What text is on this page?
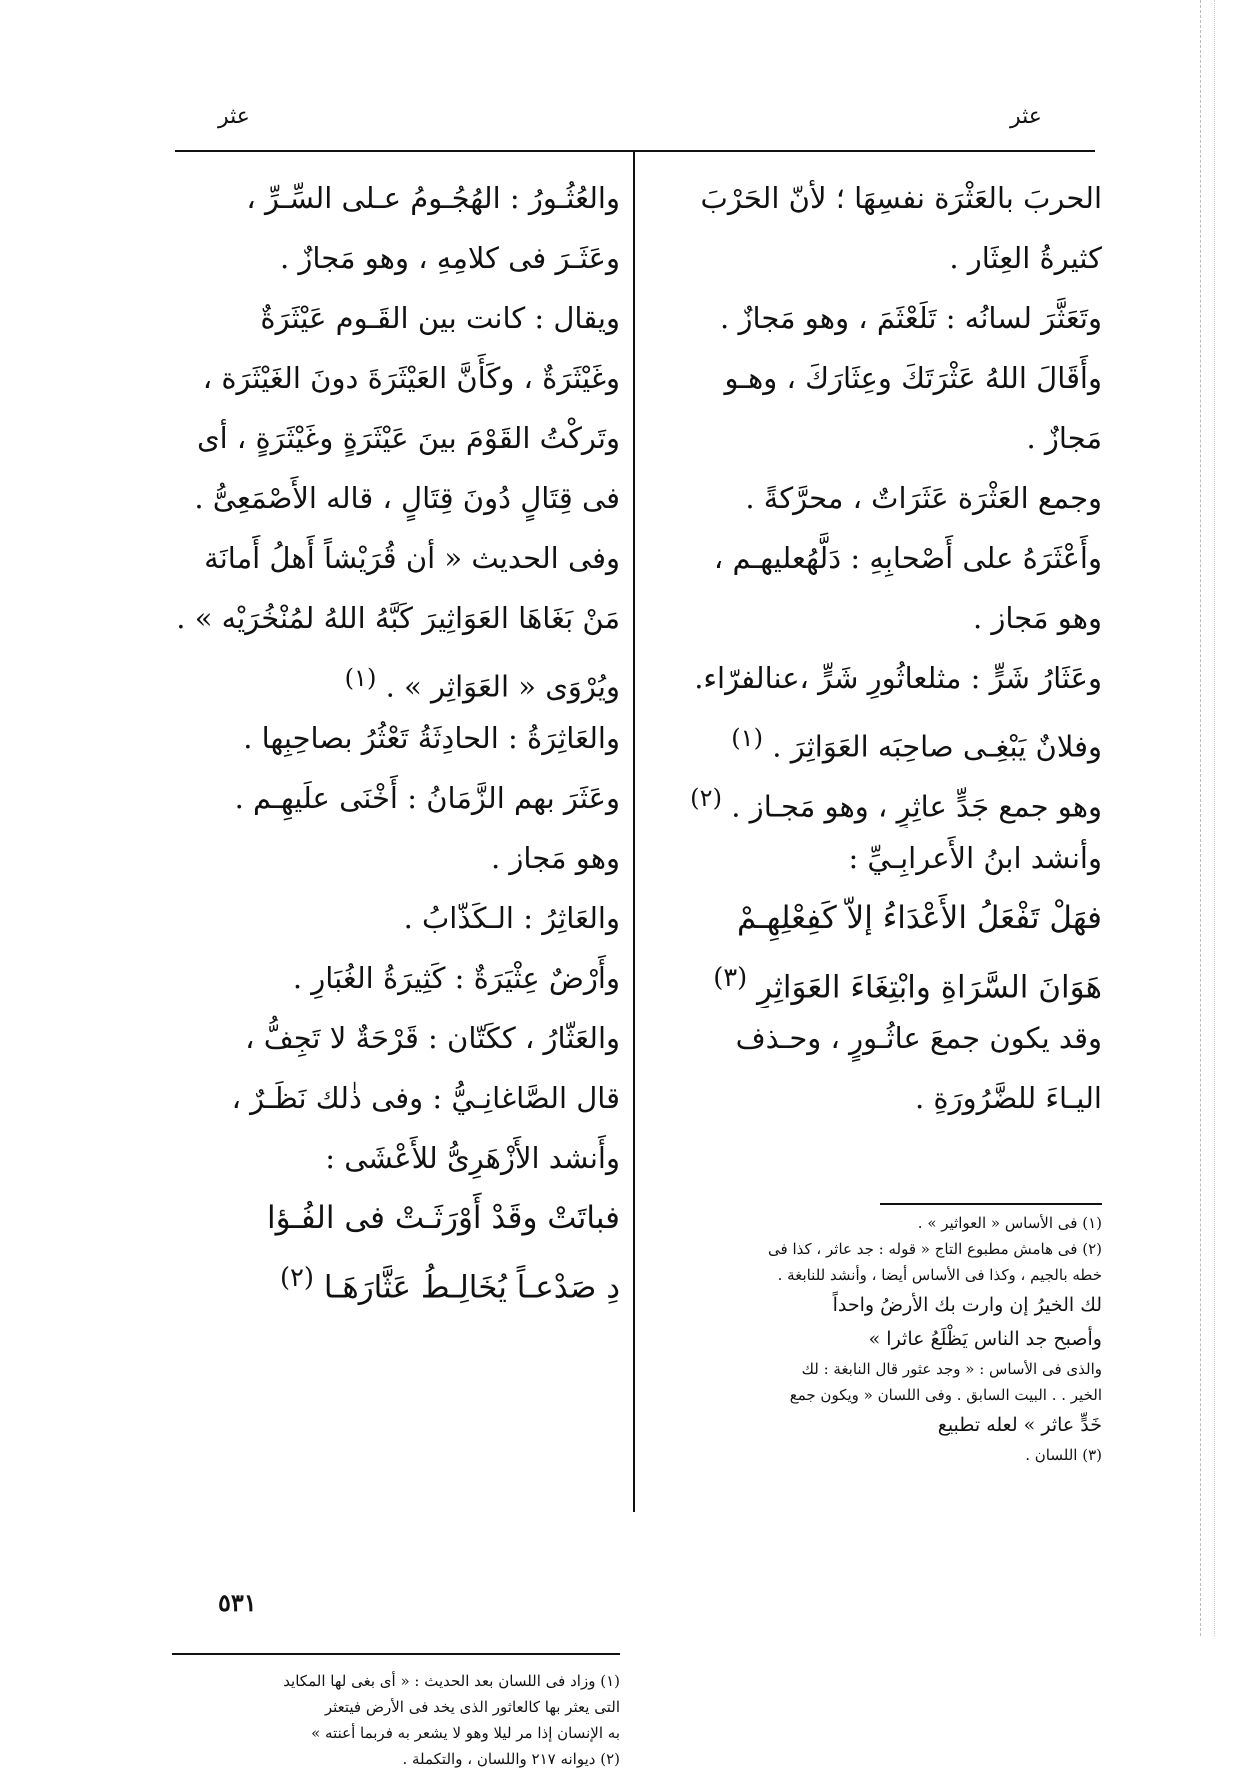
عثر
عثر
الحربَ بالعَثْرَة نفسِهَا ؛ لأنّ الحَرْبَ
كثيرةُ العِثَار .
وتَعَثَّرَ لسانُه : تَلَعْثَمَ ، وهو مَجازٌ .
وأَقَالَ اللهُ عَثْرَتَكَ وعِثَارَكَ ، وهـو
مَجازٌ .
وجمع العَثْرَة عَثَرَاتٌ ، محرَّكةً .
وأَعْثَرَهُ على أَصْحابِهِ : دَلَّهُعليهـم ،
وهو مَجاز .
وعَثَارُ شَرٍّ : مثلعاثُورِ شَرٍّ ،عنالفرّاء.
وفلانٌ يَبْغِـى صاحِبَه العَوَاثِرَ . $^{(١)}$
وهو جمع جَدٍّ عاثِرٍ ، وهو مَجـاز . $^{(٢)}$
وأنشد ابنُ الأَعرابِـيِّ :
فهَلْ تَفْعَلُ الأَعْدَاءُ إلاّ كَفِعْلِهِـمْ
هَوَانَ السَّرَاةِ وابْتِغَاءَ العَوَاثِرِ $^{(٣)}$
وقد يكون جمعَ عاثُـورٍ ، وحـذف
اليـاءَ للضَّرُورَةِ .
والعُثُـورُ : الهُجُـومُ عـلى السِّـرِّ ،
وعَثَـرَ فى كلامِهِ ، وهو مَجازٌ .
ويقال : كانت بين القَـوم عَيْثَرَةٌ
وغَيْثَرَةٌ ، وكَأَنَّ العَيْثَرَةَ دونَ الغَيْثَرَة ،
وتَركْتُ القَوْمَ بينَ عَيْثَرَةٍ وغَيْثَرَةٍ ، أى
فى قِتَالٍ دُونَ قِتَالٍ ، قاله الأَصْمَعِىُّ .
وفى الحديث « أن قُرَيْشاً أَهلُ أَمانَة
مَنْ بَغَاهَا العَوَاثِيرَ كَبَّهُ اللهُ لمُنْخُرَيْه » .
ويُرْوَى « العَوَاثِر » . $^{(١)}$
والعَاثِرَةُ : الحادِثَةُ تَعْثُرُ بصاحِبِها .
وعَثَرَ بهم الزَّمَانُ : أَخْنَى علَيهِـم .
وهو مَجاز .
والعَاثِرُ : الـكَذّابُ .
وأَرْضٌ عِثْيَرَةٌ : كَثِيرَةُ الغُبَارِ .
والعَثّارُ ، ككَتّان : قَرْحَةٌ لا تَجِفُّ ،
قال الصَّاغانِـيُّ : وفى ذٰلك نَظَـرٌ ،
وأَنشد الأَزْهَرِىُّ للأَعْشَى :
فباتَتْ وقَدْ أَوْرَثَـتْ فى الفُـؤا
دِ صَدْعـاً يُخَالِـطُ عَثَّارَهَـا $^{(٢)}$
(١) فى الأساس « العواثير » .
(٢) فى هامش مطبوع التاج « قوله : جد عاثر ، كذا فى
خطه بالجيم ، وكذا فى الأساس أيضا ، وأنشد للنابغة .
لك الخيرُ إن وارت بك الأرضُ واحداً
وأصبح جد الناس يَظْلَعُ عاثرا »
والذى فى الأساس : « وجد عثور قال النابغة : لك
الخير . . البيت السابق . وفى اللسان « ويكون جمع
خَدٍّ عاثر » لعله تطبيع
(٣) اللسان .
(١) وزاد فى اللسان بعد الحديث : « أى بغى لها المكايد
التى يعثر بها كالعاثور الذى يخد فى الأرض فيتعثر
به الإنسان إذا مر ليلا وهو لا يشعر به فربما أعنته »
(٢) ديوانه ٢١٧ واللسان ، والتكملة .
٥٣١
